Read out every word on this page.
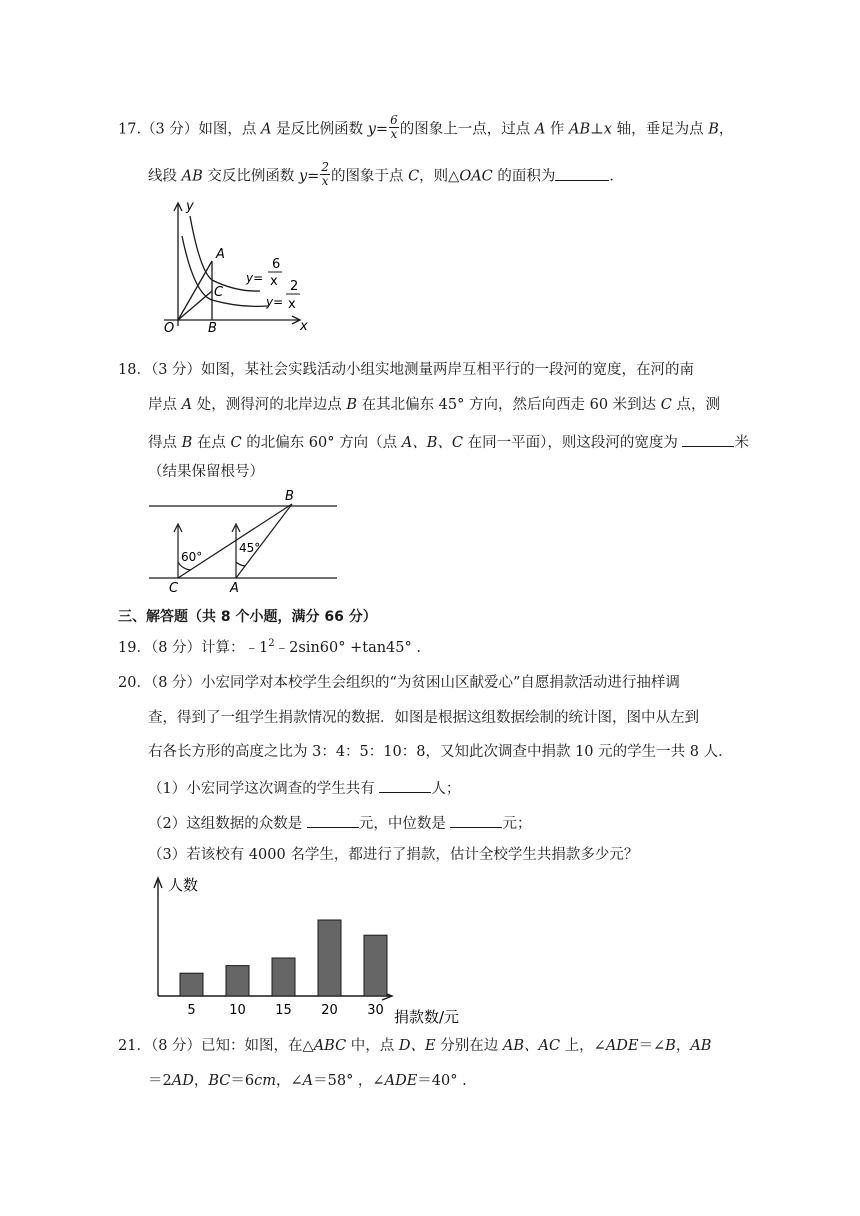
17.（3 分）如图，点 A 是反比例函数 $y= \frac{6}{x}$ 的图象上一点，过点 A 作 AB⊥x 轴，垂足为点 B，
线段 AB 交反比例函数 $y= \frac{2}{x}$ 的图象于点 C，则△OAC 的面积为	．
y
x
O
A
B
C
y=
6
x
y=
2
x
18．（3 分）如图，某社会实践活动小组实地测量两岸互相平行的一段河的宽度，在河的南
岸点 A 处，测得河的北岸边点 B 在其北偏东 45° 方向，然后向西走 60 米到达 C 点，测
得点 B 在点 C 的北偏东 60° 方向（点 A、B、C 在同一平面），则这段河的宽度为	米
（结果保留根号）
B
C	A
60°
45°
三、解答题（共 8 个小题，满分 66 分）
19．（8 分）计算：$﹣1^2﹣2\sin 60^\circ +\tan 45^\circ$ .
20．（8 分）小宏同学对本校学生会组织的“为贫困山区献爱心”自愿捐款活动进行抽样调
查，得到了一组学生捐款情况的数据．如图是根据这组数据绘制的统计图，图中从左到
右各长方形的高度之比为 3：4：5：10：8，又知此次调查中捐款 10 元的学生一共 8 人．
（1）小宏同学这次调查的学生共有	人；
（2）这组数据的众数是	元，中位数是	元；
（3）若该校有 4000 名学生，都进行了捐款，估计全校学生共捐款多少元？
5	10 15 20 30
人数
捐款数/元
21．（8 分）已知：如图，在△ABC 中，点 D、E 分别在边 AB、AC 上，∠ADE＝∠B，AB
＝2AD，BC＝6cm，∠A＝58° ，∠ADE＝40° .
